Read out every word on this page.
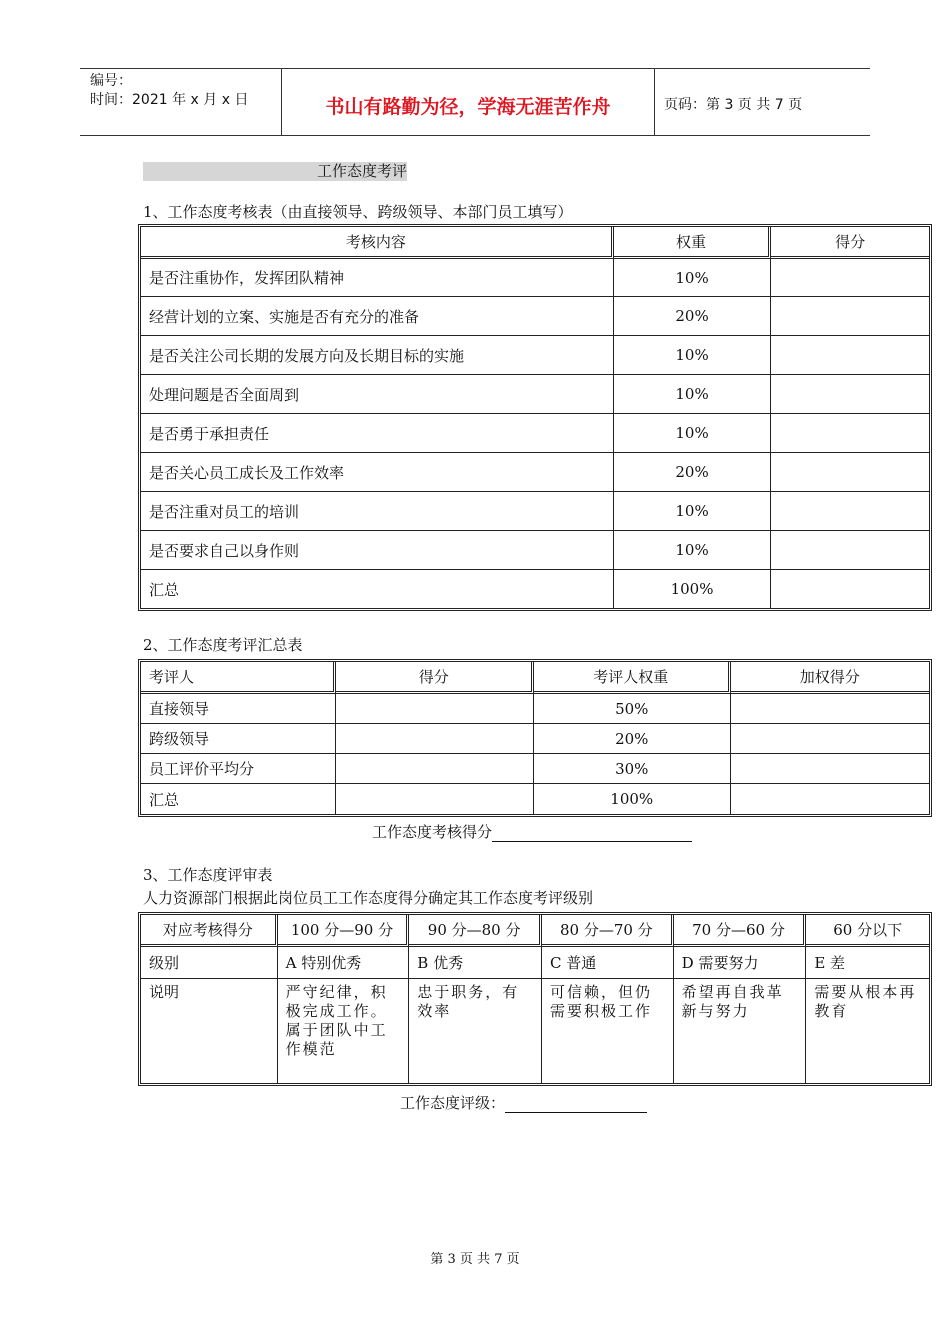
编号：
时间：2021 年 x 月 x 日	书山有路勤为径，学海无涯苦作舟	页码：第 3 页 共 7 页
工作态度考评
1、工作态度考核表（由直接领导、跨级领导、本部门员工填写）
考核内容	权重	得分
是否注重协作，发挥团队精神	10%	
经营计划的立案、实施是否有充分的准备	20%	
是否关注公司长期的发展方向及长期目标的实施	10%	
处理问题是否全面周到	10%	
是否勇于承担责任	10%	
是否关心员工成长及工作效率	20%	
是否注重对员工的培训	10%	
是否要求自己以身作则	10%	
汇总	100%	
2、工作态度考评汇总表
考评人	得分	考评人权重	加权得分
直接领导		50%	
跨级领导		20%	
员工评价平均分		30%	
汇总		100%	
工作态度考核得分
3、工作态度评审表
人力资源部门根据此岗位员工工作态度得分确定其工作态度考评级别
对应考核得分	100 分—90 分	90 分—80 分	80 分—70 分	70 分—60 分	60 分以下
级别	A 特别优秀	B 优秀	C 普通	D 需要努力	E 差
说明	严守纪律，积极完成工作。属于团队中工作模范	忠于职务，有效率	可信赖，但仍需要积极工作	希望再自我革新与努力	需要从根本再教育
工作态度评级：
第 3 页 共 7 页
